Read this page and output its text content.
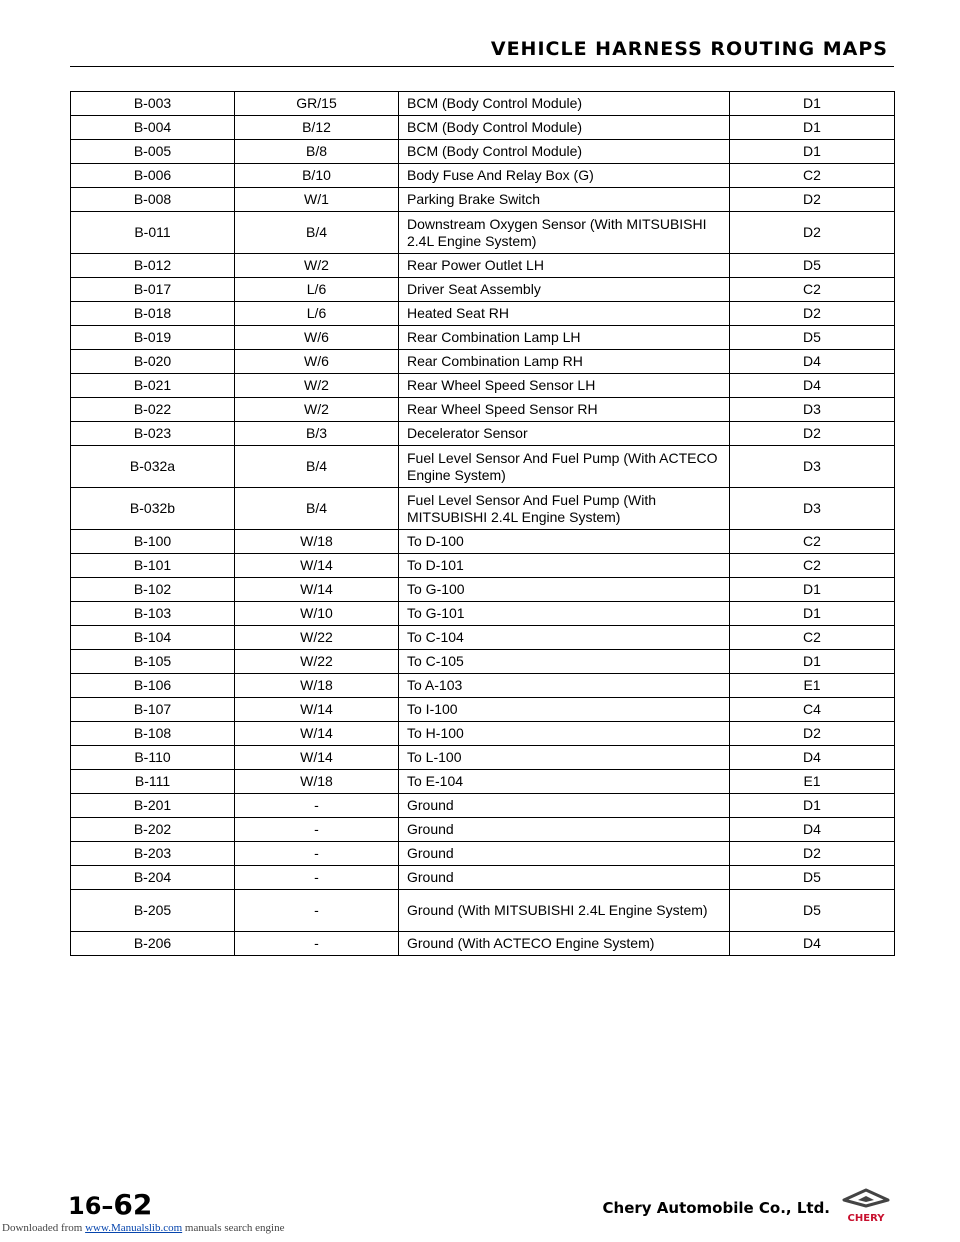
VEHICLE HARNESS ROUTING MAPS
B-003	GR/15	BCM (Body Control Module)	D1
B-004	B/12	BCM (Body Control Module)	D1
B-005	B/8	BCM (Body Control Module)	D1
B-006	B/10	Body Fuse And Relay Box (G)	C2
B-008	W/1	Parking Brake Switch	D2
B-011	B/4	Downstream Oxygen Sensor (With MITSUBISHI 2.4L Engine System)	D2
B-012	W/2	Rear Power Outlet LH	D5
B-017	L/6	Driver Seat Assembly	C2
B-018	L/6	Heated Seat RH	D2
B-019	W/6	Rear Combination Lamp LH	D5
B-020	W/6	Rear Combination Lamp RH	D4
B-021	W/2	Rear Wheel Speed Sensor LH	D4
B-022	W/2	Rear Wheel Speed Sensor RH	D3
B-023	B/3	Decelerator Sensor	D2
B-032a	B/4	Fuel Level Sensor And Fuel Pump (With ACTECO Engine System)	D3
B-032b	B/4	Fuel Level Sensor And Fuel Pump (With MITSUBISHI 2.4L Engine System)	D3
B-100	W/18	To D-100	C2
B-101	W/14	To D-101	C2
B-102	W/14	To G-100	D1
B-103	W/10	To G-101	D1
B-104	W/22	To C-104	C2
B-105	W/22	To C-105	D1
B-106	W/18	To A-103	E1
B-107	W/14	To I-100	C4
B-108	W/14	To H-100	D2
B-110	W/14	To L-100	D4
B-111	W/18	To E-104	E1
B-201	-	Ground	D1
B-202	-	Ground	D4
B-203	-	Ground	D2
B-204	-	Ground	D5
B-205	-	Ground (With MITSUBISHI 2.4L Engine System)	D5
B-206	-	Ground (With ACTECO Engine System)	D4
16–62	Chery Automobile Co., Ltd.
CHERY
Downloaded from www.Manualslib.com manuals search engine
